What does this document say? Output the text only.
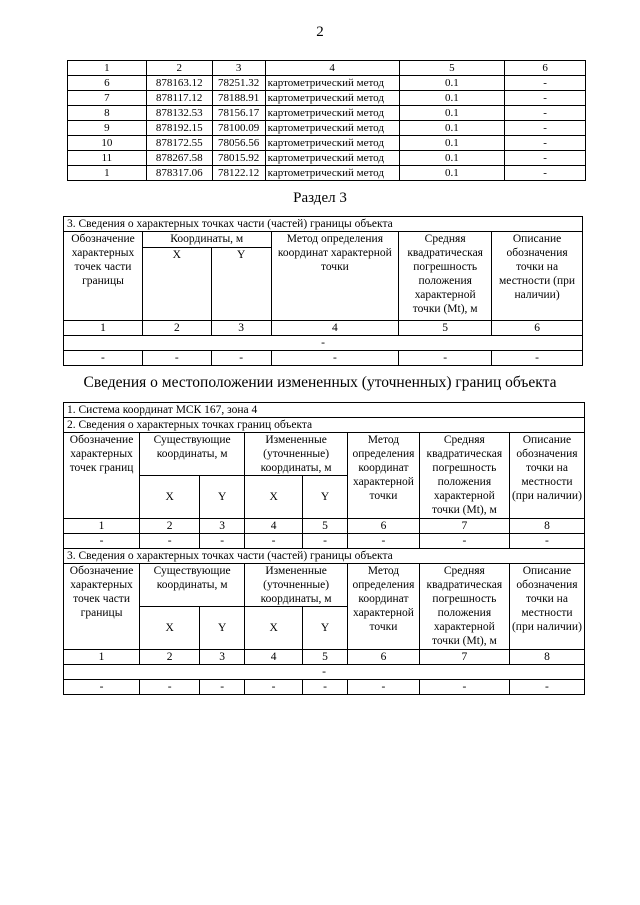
2
1	2	3	4	5	6
6	878163.12	78251.32	картометрический метод	0.1	-
7	878117.12	78188.91	картометрический метод	0.1	-
8	878132.53	78156.17	картометрический метод	0.1	-
9	878192.15	78100.09	картометрический метод	0.1	-
10	878172.55	78056.56	картометрический метод	0.1	-
11	878267.58	78015.92	картометрический метод	0.1	-
1	878317.06	78122.12	картометрический метод	0.1	-
Раздел 3
3. Сведения о характерных точках части (частей) границы объекта					
Обозначение характерных точек части границы	Координаты, м		Метод определения координат характерной точки	Средняя квадратическая погрешность положения характерной точки (Mt), м	Описание обозначения точки на местности (при наличии)
	X	Y			
1	2	3	4	5	6
-					
-	-	-	-	-	-
Сведения о местоположении измененных (уточненных) границ объекта
1. Система координат МСК 167, зона 4							
2. Сведения о характерных точках границ объекта							
Обозначение характерных точек границ	Существующие координаты, м		Измененные (уточненные) координаты, м		Метод определения координат характерной точки	Средняя квадратическая погрешность положения характерной точки (Mt), м	Описание обозначения точки на местности (при наличии)
	X	Y	X	Y			
1	2	3	4	5	6	7	8
-	-	-	-	-	-	-	-
3. Сведения о характерных точках части (частей) границы объекта							
Обозначение характерных точек части границы	Существующие координаты, м		Измененные (уточненные) координаты, м		Метод определения координат характерной точки	Средняя квадратическая погрешность положения характерной точки (Mt), м	Описание обозначения точки на местности (при наличии)
	X	Y	X	Y			
1	2	3	4	5	6	7	8
-							
-	-	-	-	-	-	-	-
